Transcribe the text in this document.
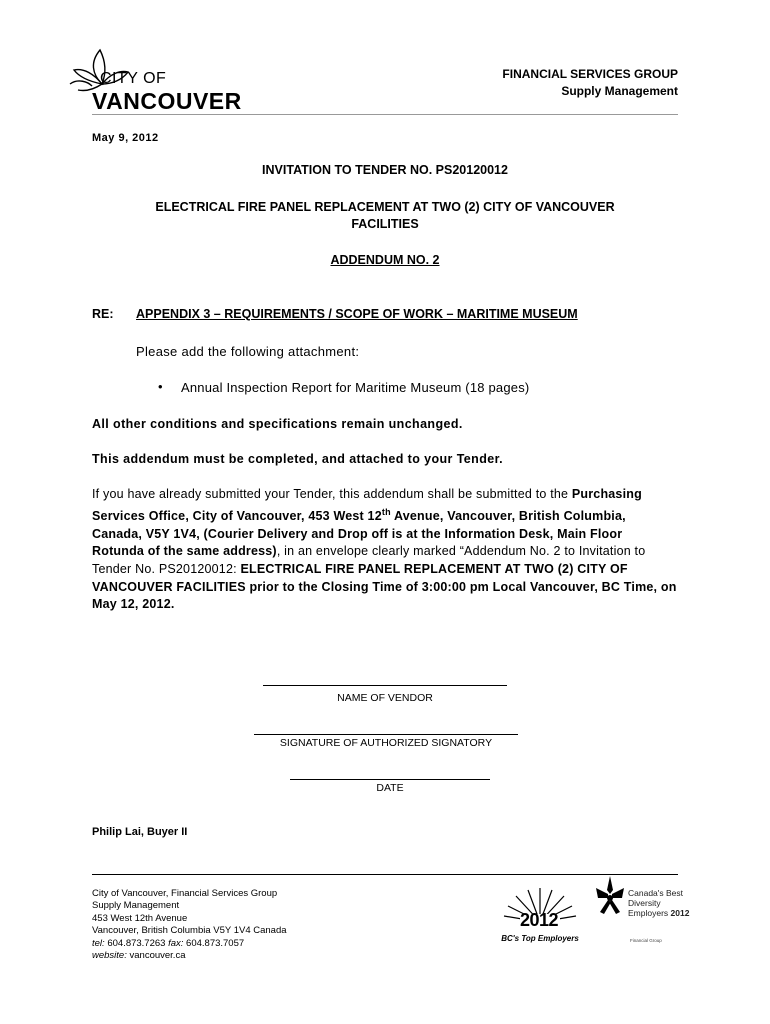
CITY OF
VANCOUVER
FINANCIAL SERVICES GROUP
Supply Management
May 9, 2012
INVITATION TO TENDER NO. PS20120012
ELECTRICAL FIRE PANEL REPLACEMENT AT TWO (2) CITY OF VANCOUVER
FACILITIES
ADDENDUM NO. 2
RE: APPENDIX 3 – REQUIREMENTS / SCOPE OF WORK – MARITIME MUSEUM
Please add the following attachment:
• Annual Inspection Report for Maritime Museum (18 pages)
All other conditions and specifications remain unchanged.
This addendum must be completed, and attached to your Tender.
If you have already submitted your Tender, this addendum shall be submitted to the Purchasing Services Office, City of Vancouver, 453 West 12th Avenue, Vancouver, British Columbia, Canada, V5Y 1V4, (Courier Delivery and Drop off is at the Information Desk, Main Floor Rotunda of the same address), in an envelope clearly marked “Addendum No. 2 to Invitation to Tender No. PS20120012: ELECTRICAL FIRE PANEL REPLACEMENT AT TWO (2) CITY OF VANCOUVER FACILITIES prior to the Closing Time of 3:00:00 pm Local Vancouver, BC Time, on May 12, 2012.
NAME OF VENDOR
SIGNATURE OF AUTHORIZED SIGNATORY
DATE
Philip Lai, Buyer II
City of Vancouver, Financial Services Group
Supply Management
453 West 12th Avenue
Vancouver, British Columbia V5Y 1V4 Canada
tel: 604.873.7263 fax: 604.873.7057
website: vancouver.ca
2012
BC's Top Employers
Canada's Best
Diversity
Employers 2012
Financial Group
